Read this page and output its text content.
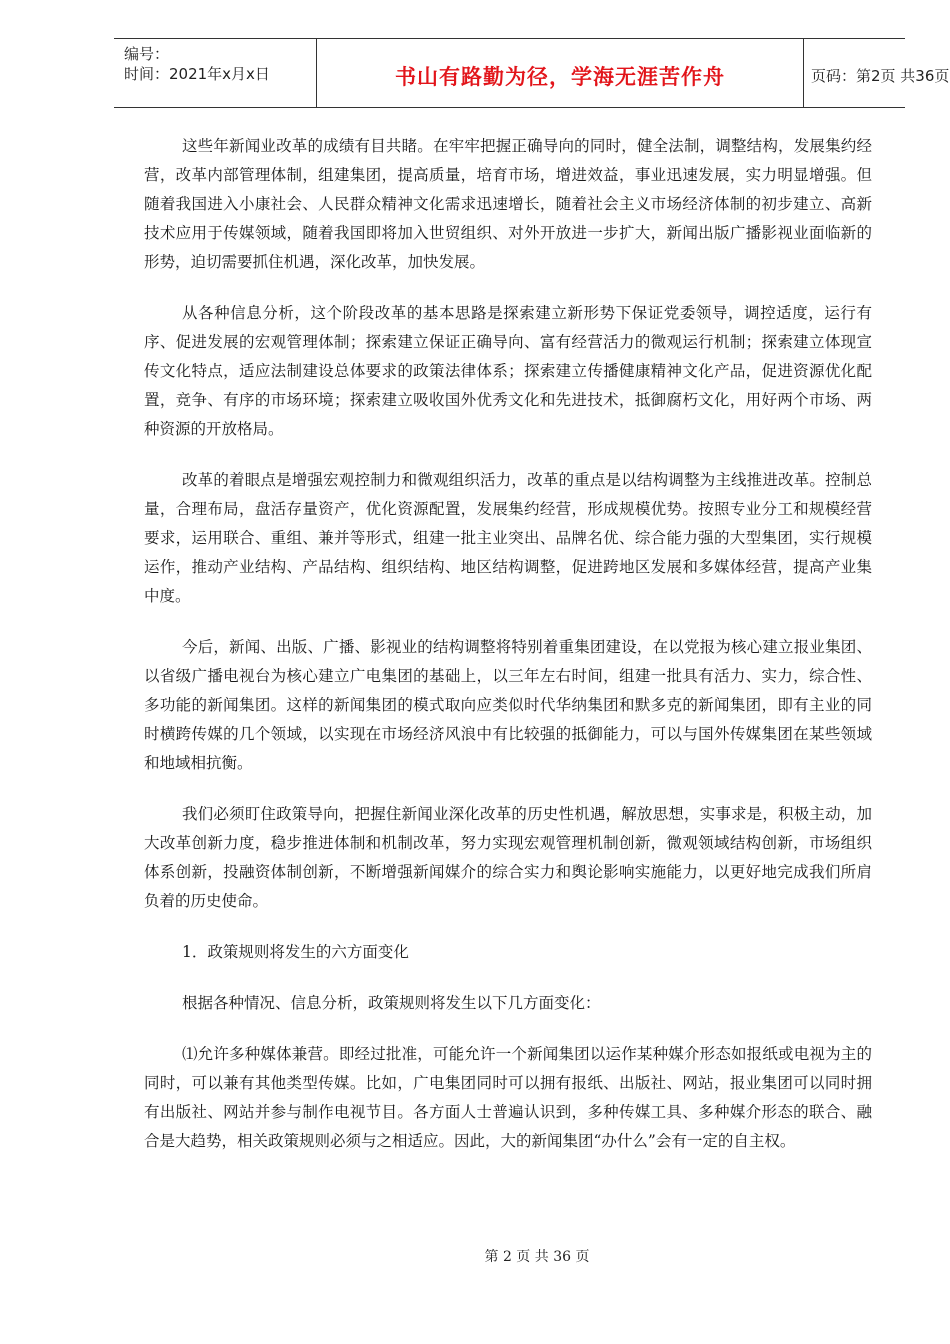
编号：
时间：2021年x月x日	书山有路勤为径，学海无涯苦作舟	页码：第2页 共36页

这些年新闻业改革的成绩有目共睹。在牢牢把握正确导向的同时，健全法制，调整结构，发展集约经营，改革内部管理体制，组建集团，提高质量，培育市场，增进效益，事业迅速发展，实力明显增强。但随着我国进入小康社会、人民群众精神文化需求迅速增长，随着社会主义市场经济体制的初步建立、高新技术应用于传媒领域，随着我国即将加入世贸组织、对外开放进一步扩大，新闻出版广播影视业面临新的形势，迫切需要抓住机遇，深化改革，加快发展。

从各种信息分析，这个阶段改革的基本思路是探索建立新形势下保证党委领导，调控适度，运行有序、促进发展的宏观管理体制；探索建立保证正确导向、富有经营活力的微观运行机制；探索建立体现宣传文化特点，适应法制建设总体要求的政策法律体系；探索建立传播健康精神文化产品，促进资源优化配置，竞争、有序的市场环境；探索建立吸收国外优秀文化和先进技术，抵御腐朽文化，用好两个市场、两种资源的开放格局。

改革的着眼点是增强宏观控制力和微观组织活力，改革的重点是以结构调整为主线推进改革。控制总量，合理布局，盘活存量资产，优化资源配置，发展集约经营，形成规模优势。按照专业分工和规模经营要求，运用联合、重组、兼并等形式，组建一批主业突出、品牌名优、综合能力强的大型集团，实行规模运作，推动产业结构、产品结构、组织结构、地区结构调整，促进跨地区发展和多媒体经营，提高产业集中度。

今后，新闻、出版、广播、影视业的结构调整将特别着重集团建设，在以党报为核心建立报业集团、以省级广播电视台为核心建立广电集团的基础上，以三年左右时间，组建一批具有活力、实力，综合性、多功能的新闻集团。这样的新闻集团的模式取向应类似时代华纳集团和默多克的新闻集团，即有主业的同时横跨传媒的几个领域，以实现在市场经济风浪中有比较强的抵御能力，可以与国外传媒集团在某些领域和地域相抗衡。

我们必须盯住政策导向，把握住新闻业深化改革的历史性机遇，解放思想，实事求是，积极主动，加大改革创新力度，稳步推进体制和机制改革，努力实现宏观管理机制创新，微观领域结构创新，市场组织体系创新，投融资体制创新，不断增强新闻媒介的综合实力和舆论影响实施能力，以更好地完成我们所肩负着的历史使命。

1．政策规则将发生的六方面变化

根据各种情况、信息分析，政策规则将发生以下几方面变化：

⑴允许多种媒体兼营。即经过批准，可能允许一个新闻集团以运作某种媒介形态如报纸或电视为主的同时，可以兼有其他类型传媒。比如，广电集团同时可以拥有报纸、出版社、网站，报业集团可以同时拥有出版社、网站并参与制作电视节目。各方面人士普遍认识到，多种传媒工具、多种媒介形态的联合、融合是大趋势，相关政策规则必须与之相适应。因此，大的新闻集团“办什么”会有一定的自主权。

第 2 页 共 36 页
